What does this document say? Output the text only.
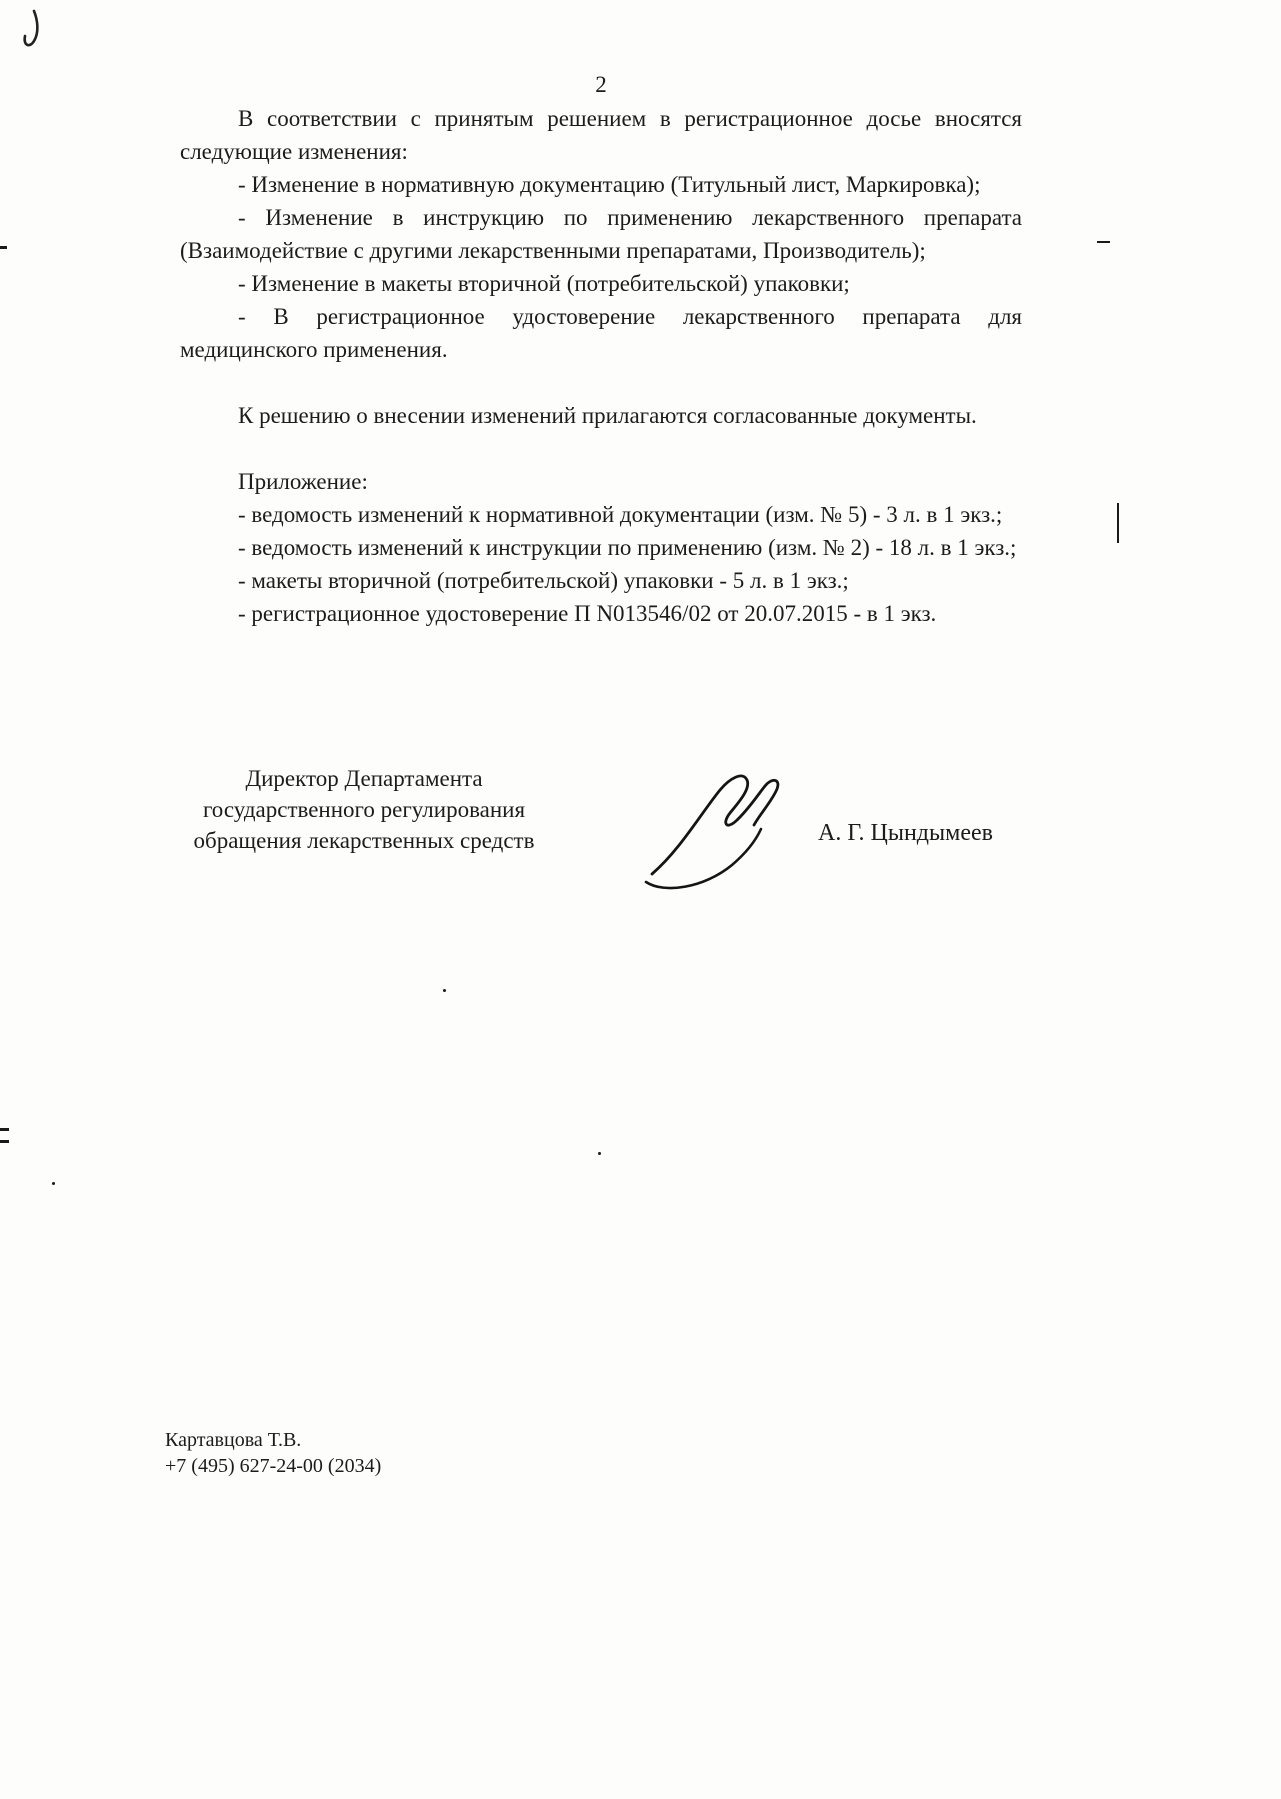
2

В соответствии с принятым решением в регистрационное досье вносятся следующие изменения:

- Изменение в нормативную документацию (Титульный лист, Маркировка);

- Изменение в инструкцию по применению лекарственного препарата (Взаимодействие с другими лекарственными препаратами, Производитель);

- Изменение в макеты вторичной (потребительской) упаковки;

- В регистрационное удостоверение лекарственного препарата для медицинского применения.

К решению о внесении изменений прилагаются согласованные документы.

Приложение:

- ведомость изменений к нормативной документации (изм. № 5) - 3 л. в 1 экз.;

- ведомость изменений к инструкции по применению (изм. № 2) - 18 л. в 1 экз.;

- макеты вторичной (потребительской) упаковки - 5 л. в 1 экз.;

- регистрационное удостоверение П N013546/02 от 20.07.2015 - в 1 экз.

Директор Департамента
государственного регулирования
обращения лекарственных средств	А. Г. Цындымеев
Картавцова Т.В.
+7 (495) 627-24-00 (2034)
